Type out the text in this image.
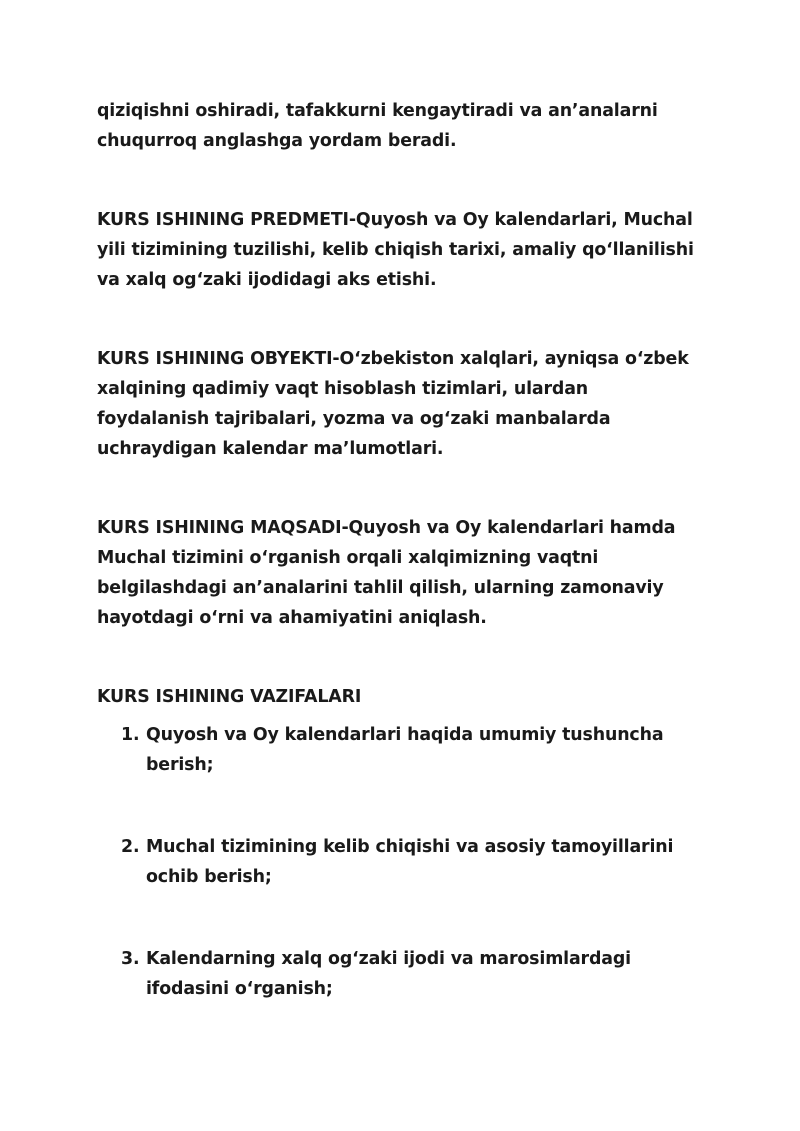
qiziqishni oshiradi, tafakkurni kengaytiradi va an’analarni chuqurroq anglashga yordam beradi.

KURS ISHINING PREDMETI-Quyosh va Oy kalendarlari, Muchal yili tizimining tuzilishi, kelib chiqish tarixi, amaliy qo‘llanilishi va xalq og‘zaki ijodidagi aks etishi.

KURS ISHINING OBYEKTI-O‘zbekiston xalqlari, ayniqsa o‘zbek xalqining qadimiy vaqt hisoblash tizimlari, ulardan foydalanish tajribalari, yozma va og‘zaki manbalarda uchraydigan kalendar ma’lumotlari.

KURS ISHINING MAQSADI-Quyosh va Oy kalendarlari hamda Muchal tizimini o‘rganish orqali xalqimizning vaqtni belgilashdagi an’analarini tahlil qilish, ularning zamonaviy hayotdagi o‘rni va ahamiyatini aniqlash.

KURS ISHINING VAZIFALARI

1. Quyosh va Oy kalendarlari haqida umumiy tushuncha berish;
2. Muchal tizimining kelib chiqishi va asosiy tamoyillarini ochib berish;
3. Kalendarning xalq og‘zaki ijodi va marosimlardagi ifodasini o‘rganish;
